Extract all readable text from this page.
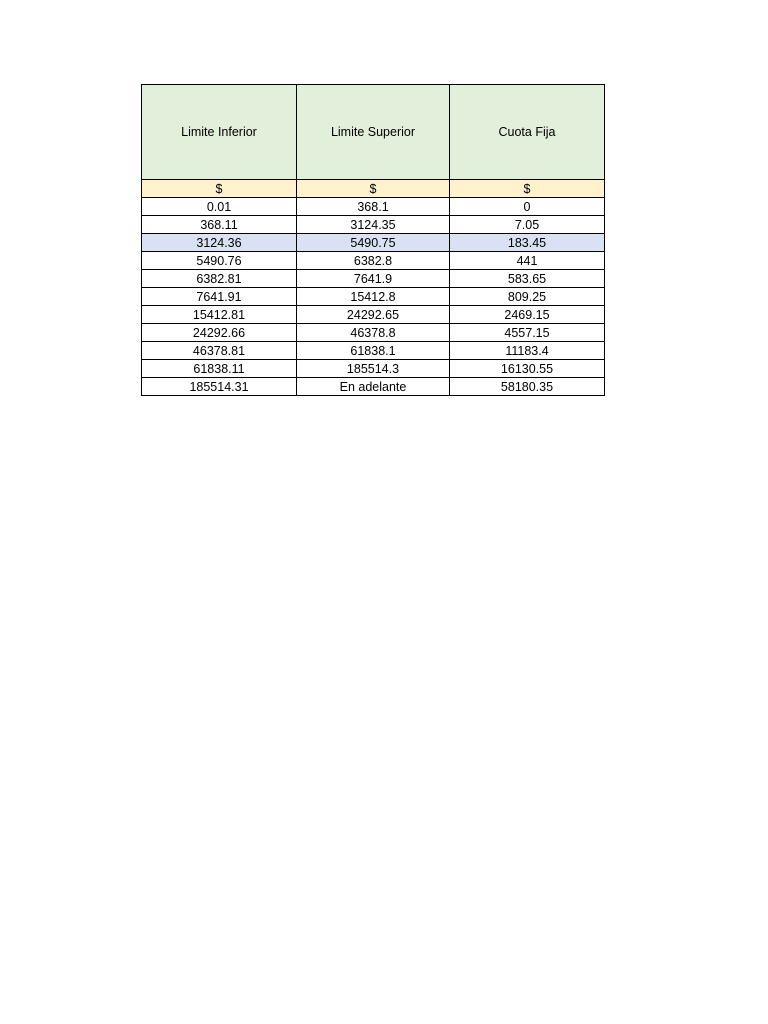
Limite Inferior	Limite Superior	Cuota Fija
$	$	$
0.01	368.1	0
368.11	3124.35	7.05
3124.36	5490.75	183.45
5490.76	6382.8	441
6382.81	7641.9	583.65
7641.91	15412.8	809.25
15412.81	24292.65	2469.15
24292.66	46378.8	4557.15
46378.81	61838.1	11183.4
61838.11	185514.3	16130.55
185514.31	En adelante	58180.35
